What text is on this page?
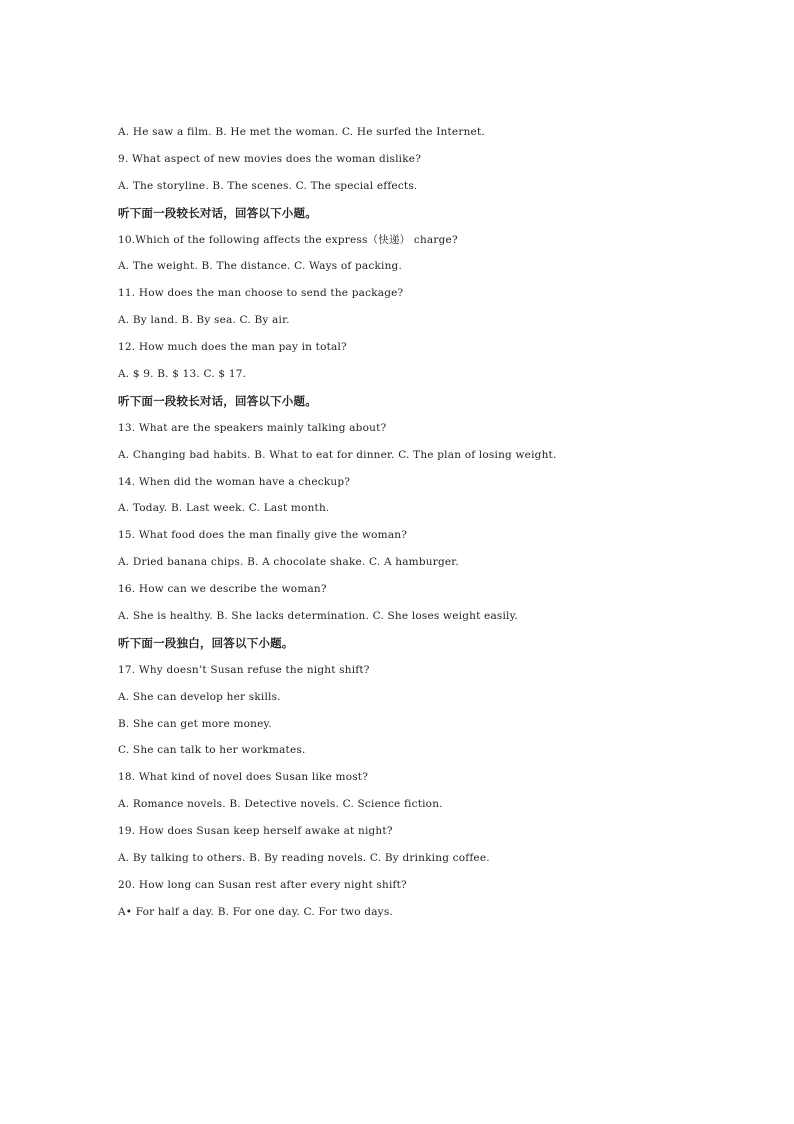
A. He saw a film. B. He met the woman. C. He surfed the Internet.
9. What aspect of new movies does the woman dislike?
A. The storyline. B. The scenes. C. The special effects.
听下面一段较长对话，回答以下小题。
10.Which of the following affects the express（快递） charge?
A. The weight. B. The distance. C. Ways of packing.
11. How does the man choose to send the package?
A. By land. B. By sea. C. By air.
12. How much does the man pay in total?
A. $ 9. B. $ 13. C. $ 17.
听下面一段较长对话，回答以下小题。
13. What are the speakers mainly talking about?
A. Changing bad habits. B. What to eat for dinner. C. The plan of losing weight.
14. When did the woman have a checkup?
A. Today. B. Last week. C. Last month.
15. What food does the man finally give the woman?
A. Dried banana chips. B. A chocolate shake. C. A hamburger.
16. How can we describe the woman?
A. She is healthy. B. She lacks determination. C. She loses weight easily.
听下面一段独白，回答以下小题。
17. Why doesn’t Susan refuse the night shift?
A. She can develop her skills.
B. She can get more money.
C. She can talk to her workmates.
18. What kind of novel does Susan like most?
A. Romance novels. B. Detective novels. C. Science fiction.
19. How does Susan keep herself awake at night?
A. By talking to others. B. By reading novels. C. By drinking coffee.
20. How long can Susan rest after every night shift?
A• For half a day. B. For one day. C. For two days.
